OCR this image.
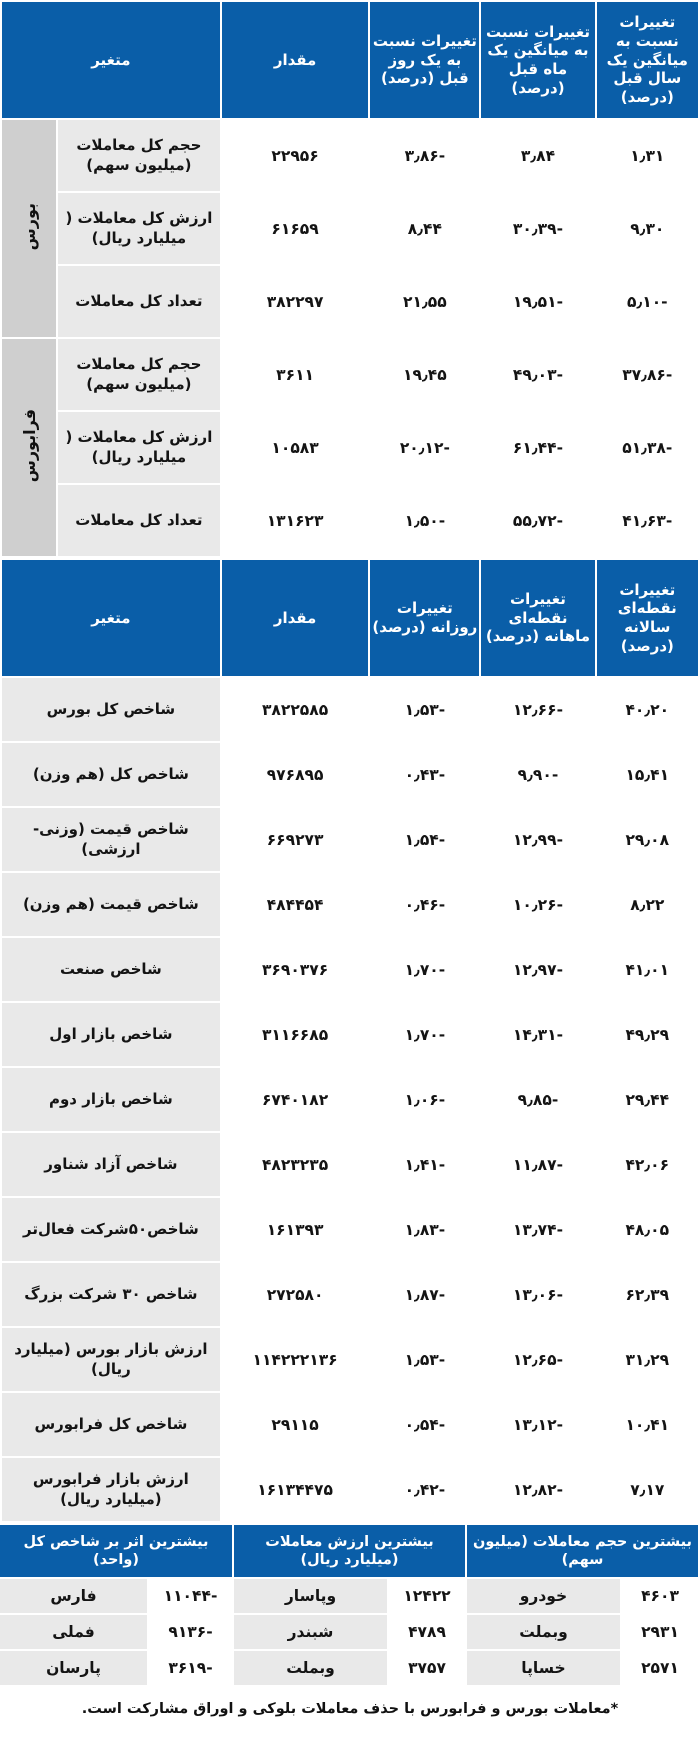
تغییرات نسبت به میانگین یک سال قبل (درصد)	تغییرات نسبت به میانگین یک ماه قبل (درصد)	تغییرات نسبت به یک روز قبل (درصد)	مقدار	متغیر	
۱٫۳۱	۳٫۸۴	-۳٫۸۶	۲۲۹۵۶	حجم کل معاملات (میلیون سهم)	بورس
۹٫۳۰	-۳۰٫۳۹	۸٫۴۴	۶۱۶۵۹	ارزش کل معاملات ( میلیارد ریال)	
-۵٫۱۰	-۱۹٫۵۱	۲۱٫۵۵	۳۸۲۲۹۷	تعداد کل معاملات	
-۳۷٫۸۶	-۴۹٫۰۳	۱۹٫۴۵	۳۶۱۱	حجم کل معاملات (میلیون سهم)	فرابورس
-۵۱٫۳۸	-۶۱٫۴۴	-۲۰٫۱۲	۱۰۵۸۳	ارزش کل معاملات ( میلیارد ریال)	
-۴۱٫۶۳	-۵۵٫۷۲	-۱٫۵۰	۱۳۱۶۲۳	تعداد کل معاملات	
تغییرات نقطه‌ای سالانه (درصد)	تغییرات نقطه‌ای ماهانه (درصد)	تغییرات روزانه (درصد)	مقدار	متغیر
۴۰٫۲۰	-۱۲٫۶۶	-۱٫۵۳	۳۸۲۲۵۸۵	شاخص کل بورس
۱۵٫۴۱	-۹٫۹۰	-۰٫۴۳	۹۷۶۸۹۵	شاخص کل (هم وزن)
۲۹٫۰۸	-۱۲٫۹۹	-۱٫۵۴	۶۶۹۲۷۳	شاخص قیمت (وزنی- ارزشی)
۸٫۲۲	-۱۰٫۲۶	-۰٫۴۶	۴۸۴۴۵۴	شاخص قیمت (هم وزن)
۴۱٫۰۱	-۱۲٫۹۷	-۱٫۷۰	۳۶۹۰۳۷۶	شاخص صنعت
۴۹٫۲۹	-۱۴٫۳۱	-۱٫۷۰	۳۱۱۶۶۸۵	شاخص بازار اول
۲۹٫۴۴	-۹٫۸۵	-۱٫۰۶	۶۷۴۰۱۸۲	شاخص بازار دوم
۴۲٫۰۶	-۱۱٫۸۷	-۱٫۴۱	۴۸۲۳۲۳۵	شاخص آزاد شناور
۴۸٫۰۵	-۱۳٫۷۴	-۱٫۸۳	۱۶۱۳۹۳	شاخص۵۰شرکت فعال‌تر
۶۲٫۳۹	-۱۳٫۰۶	-۱٫۸۷	۲۷۲۵۸۰	شاخص ۳۰ شرکت بزرگ
۳۱٫۲۹	-۱۲٫۶۵	-۱٫۵۳	۱۱۴۲۲۲۱۳۶	ارزش بازار بورس (میلیارد ریال)
۱۰٫۴۱	-۱۳٫۱۲	-۰٫۵۴	۲۹۱۱۵	شاخص کل فرابورس
۷٫۱۷	-۱۲٫۸۲	-۰٫۴۲	۱۶۱۳۴۴۷۵	ارزش بازار فرابورس (میلیارد ریال)
بیشترین حجم معاملات (میلیون سهم)		بیشترین ارزش معاملات (میلیارد ریال)		بیشترین اثر بر شاخص کل (واحد)	
۴۶۰۳	خودرو	۱۲۴۲۲	وپاسار	-۱۱۰۴۴	فارس
۲۹۳۱	وبملت	۴۷۸۹	شبندر	-۹۱۳۶	فملی
۲۵۷۱	خساپا	۳۷۵۷	وبملت	-۳۶۱۹	پارسان
*معاملات بورس و فرابورس با حذف معاملات بلوکی و اوراق مشارکت است.
